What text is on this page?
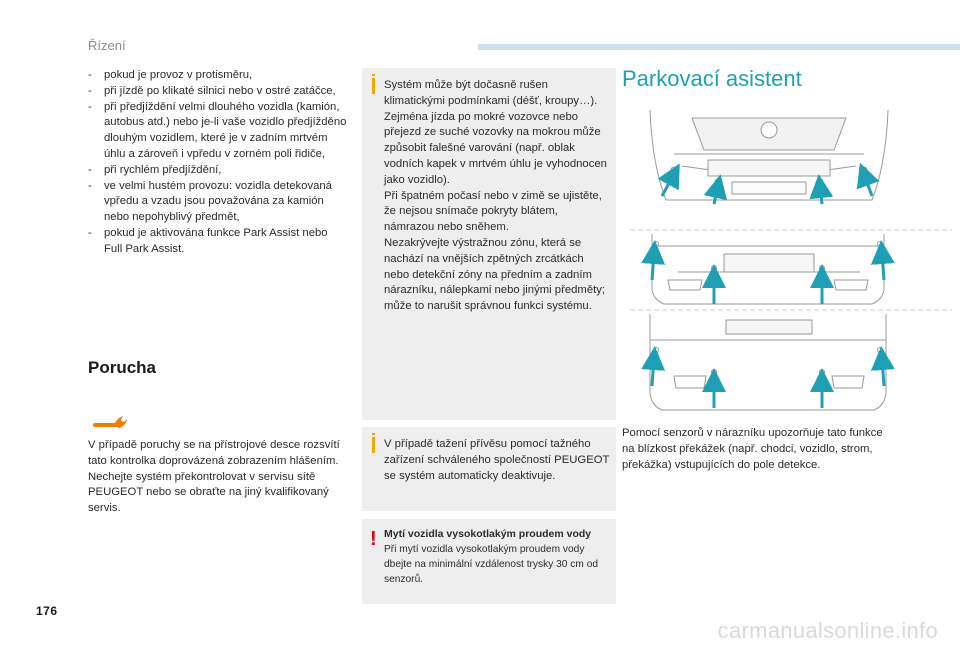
Řízení
- pokud je provoz v protisměru,
- při jízdě po klikaté silnici nebo v ostré zatáčce,
- při předjíždění velmi dlouhého vozidla (kamión, autobus atd.) nebo je-li vaše vozidlo předjížděno dlouhým vozidlem, které je v zadním mrtvém úhlu a zároveň i vpředu v zorném poli řidiče,
- při rychlém předjíždění,
- ve velmi hustém provozu: vozidla detekovaná vpředu a vzadu jsou považována za kamión nebo nepohyblivý předmět,
- pokud je aktivována funkce Park Assist nebo Full Park Assist.
Porucha
V případě poruchy se na přístrojové desce rozsvítí tato kontrolka doprovázená zobrazením hlášením.
Nechejte systém překontrolovat v servisu sítě PEUGEOT nebo se obraťte na jiný kvalifikovaný servis.
Systém může být dočasně rušen klimatickými podmínkami (déšť, kroupy…). Zejména jízda po mokré vozovce nebo přejezd ze suché vozovky na mokrou může způsobit falešné varování (např. oblak vodních kapek v mrtvém úhlu je vyhodnocen jako vozidlo).
Při špatném počasí nebo v zimě se ujistěte, že nejsou snímače pokryty blátem, námrazou nebo sněhem.
Nezakrývejte výstražnou zónu, která se nachází na vnějších zpětných zrcátkách nebo detekční zóny na předním a zadním nárazníku, nálepkami nebo jinými předměty; může to narušit správnou funkci systému.
V případě tažení přívěsu pomocí tažného zařízení schváleného společností PEUGEOT se systém automaticky deaktivuje.
! Mytí vozidla vysokotlakým proudem vody
Při mytí vozidla vysokotlakým proudem vody dbejte na minimální vzdálenost trysky 30 cm od senzorů.
Parkovací asistent
Pomocí senzorů v nárazníku upozorňuje tato funkce na blízkost překážek (např. chodci, vozidlo, strom, překážka) vstupujících do pole detekce.
176
carmanualsonline.info
